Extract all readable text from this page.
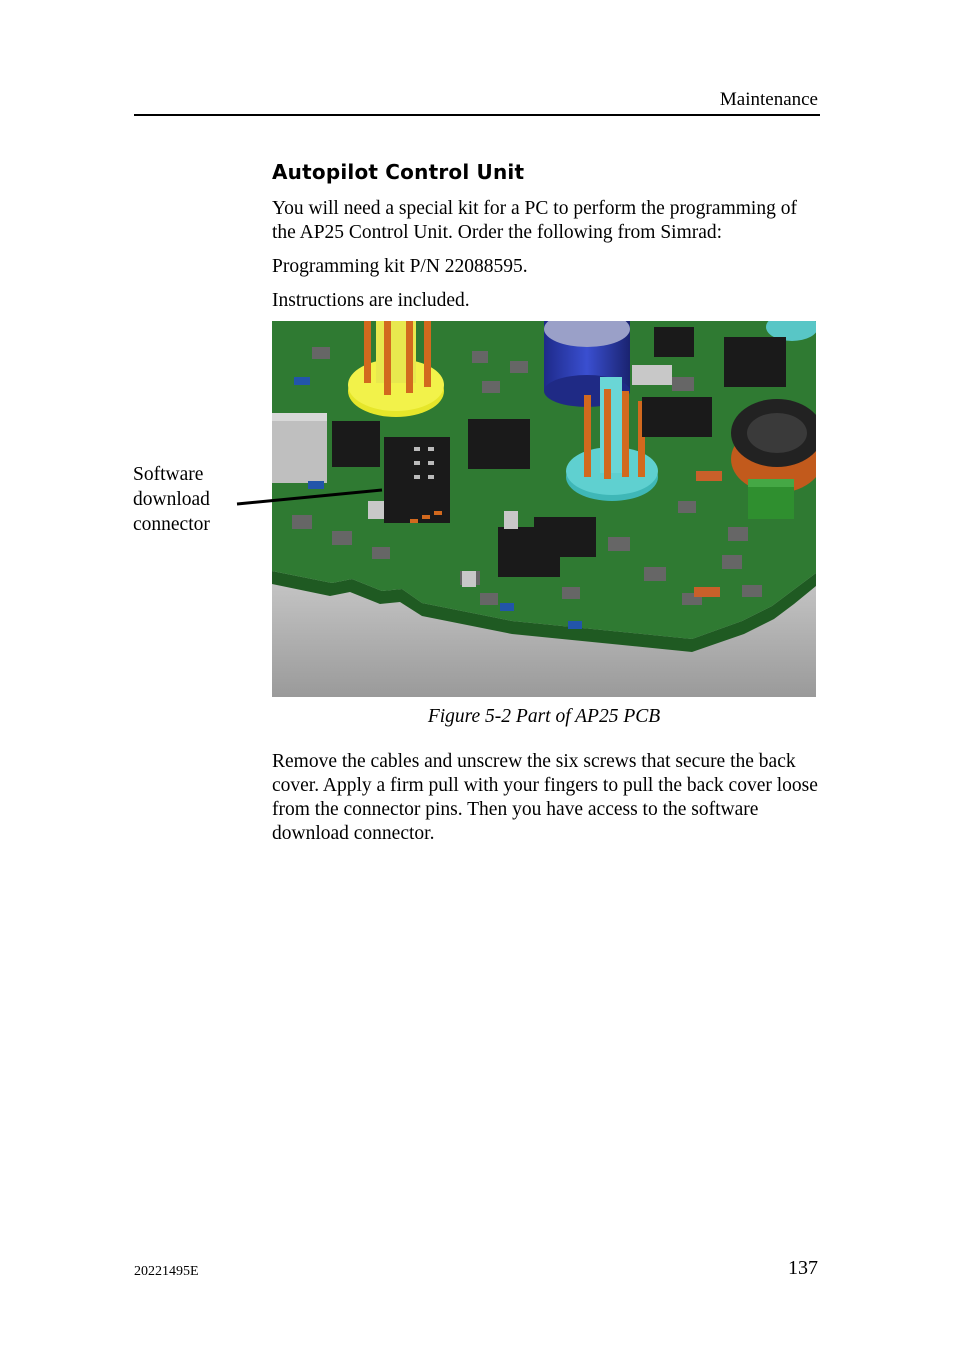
Maintenance
Autopilot Control Unit

You will need a special kit for a PC to perform the programming of the AP25 Control Unit. Order the following from Simrad:

Programming kit P/N 22088595.

Instructions are included.

Software download connector
Figure 5-2 Part of AP25 PCB

Remove the cables and unscrew the six screws that secure the back cover. Apply a firm pull with your fingers to pull the back cover loose from the connector pins. Then you have access to the software download connector.

20221495E	137
